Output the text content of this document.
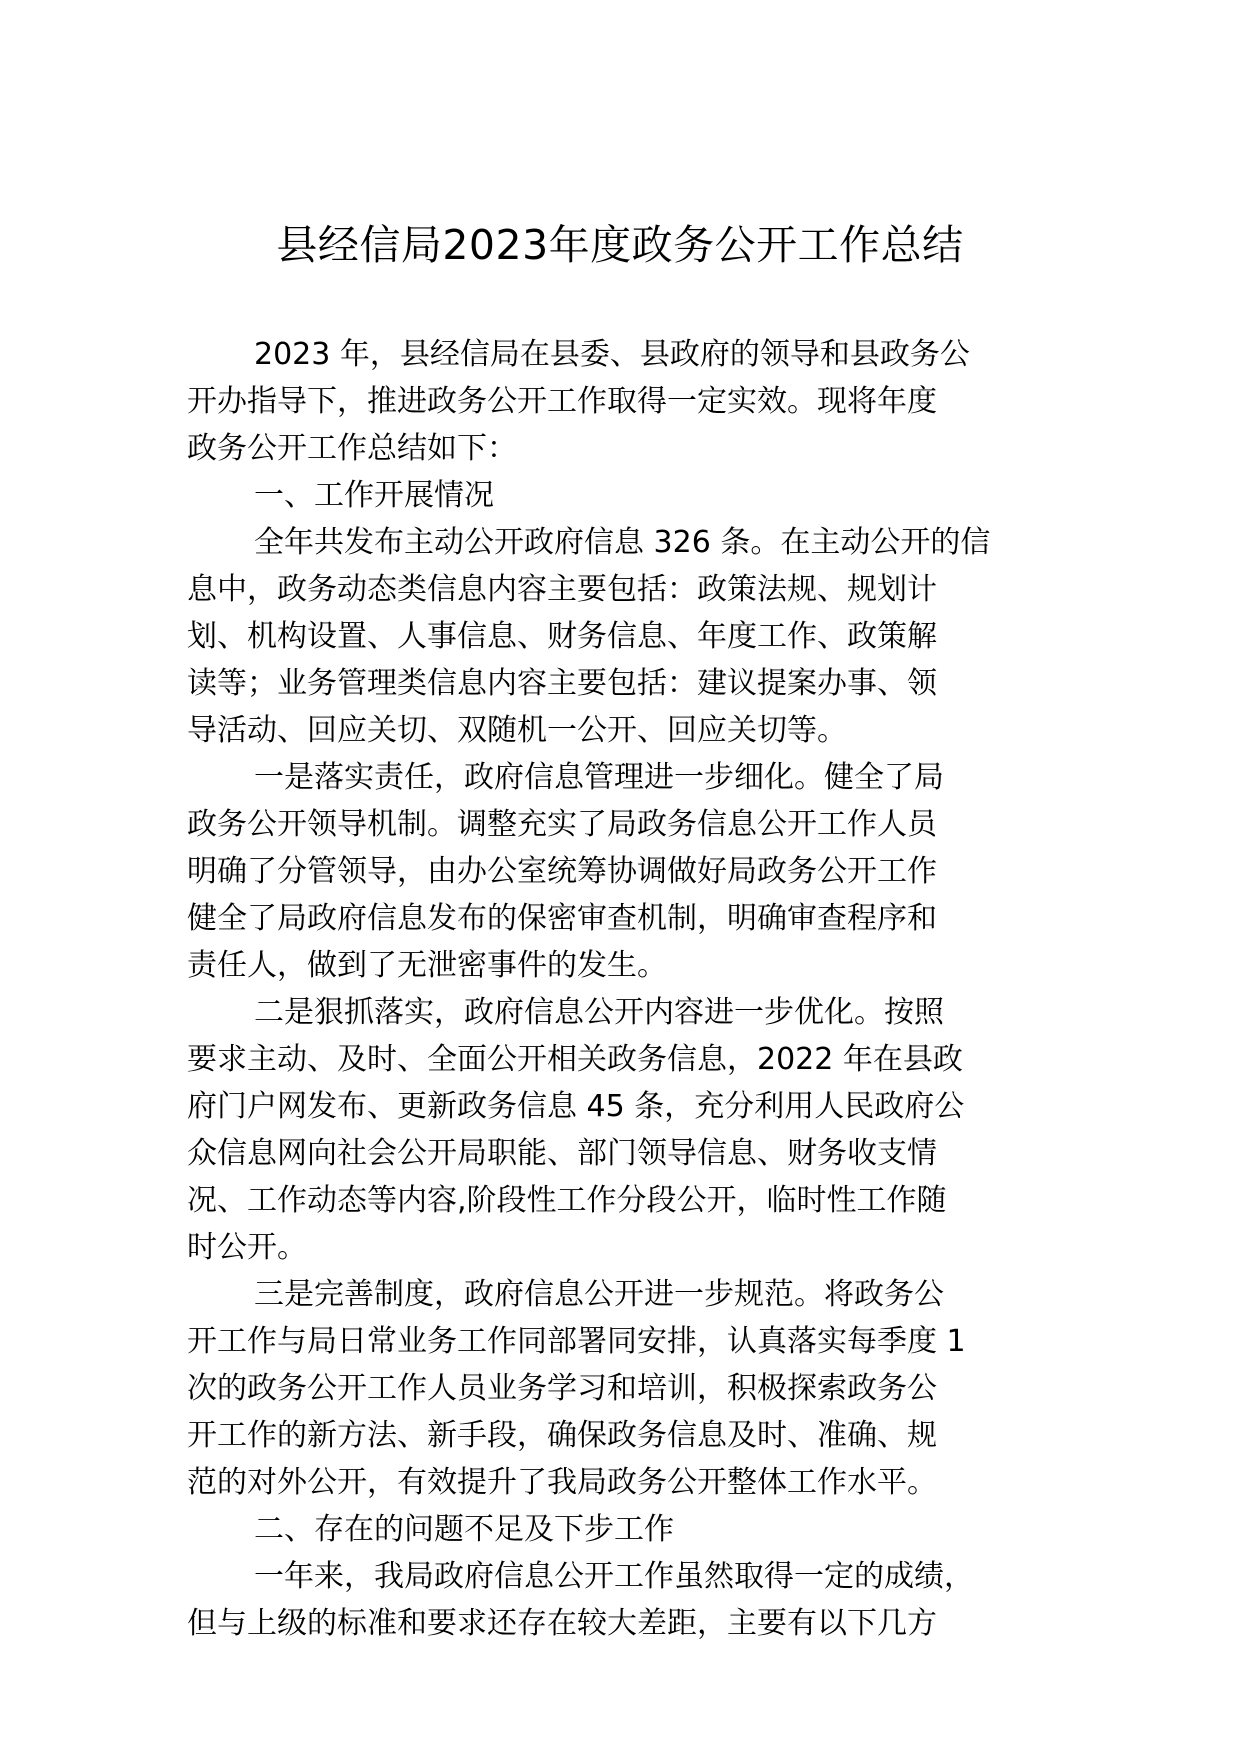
县经信局2023年度政务公开工作总结
2023 年，县经信局在县委、县政府的领导和县政务公
开办指导下，推进政务公开工作取得一定实效。现将年度
政务公开工作总结如下：
一、工作开展情况
全年共发布主动公开政府信息 326 条。在主动公开的信
息中，政务动态类信息内容主要包括：政策法规、规划计
划、机构设置、人事信息、财务信息、年度工作、政策解
读等；业务管理类信息内容主要包括：建议提案办事、领
导活动、回应关切、双随机一公开、回应关切等。
一是落实责任，政府信息管理进一步细化。健全了局
政务公开领导机制。调整充实了局政务信息公开工作人员
明确了分管领导，由办公室统筹协调做好局政务公开工作
健全了局政府信息发布的保密审查机制，明确审查程序和
责任人，做到了无泄密事件的发生。
二是狠抓落实，政府信息公开内容进一步优化。按照
要求主动、及时、全面公开相关政务信息，2022 年在县政
府门户网发布、更新政务信息 45 条，充分利用人民政府公
众信息网向社会公开局职能、部门领导信息、财务收支情
况、工作动态等内容,阶段性工作分段公开，临时性工作随
时公开。
三是完善制度，政府信息公开进一步规范。将政务公
开工作与局日常业务工作同部署同安排，认真落实每季度 1
次的政务公开工作人员业务学习和培训，积极探索政务公
开工作的新方法、新手段，确保政务信息及时、准确、规
范的对外公开，有效提升了我局政务公开整体工作水平。
二、存在的问题不足及下步工作
一年来，我局政府信息公开工作虽然取得一定的成绩，
但与上级的标准和要求还存在较大差距，主要有以下几方
